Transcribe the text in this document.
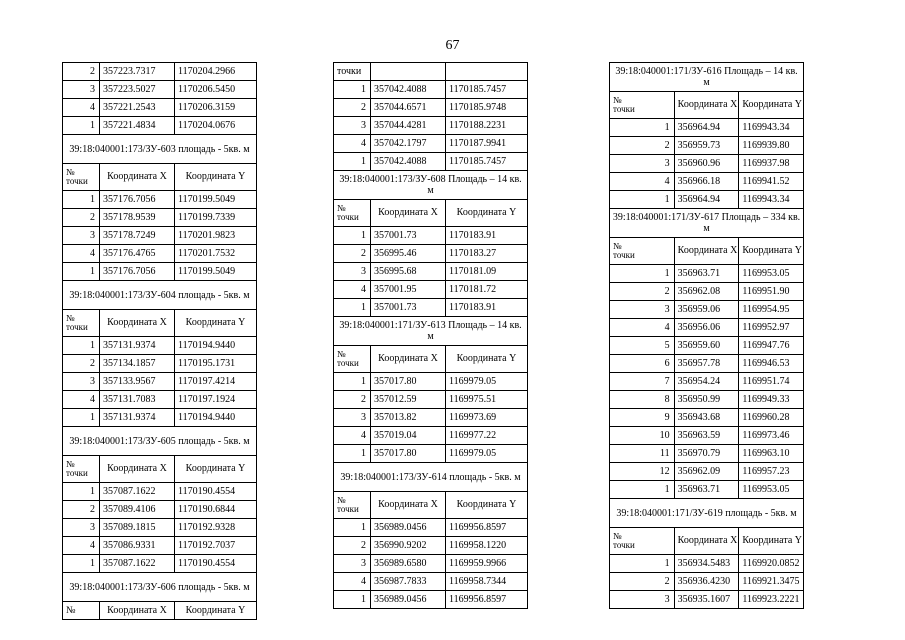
67
2	357223.7317	1170204.2966
3	357223.5027	1170206.5450
4	357221.2543	1170206.3159
1	357221.4834	1170204.0676
39:18:040001:173/ЗУ-603 площадь - 5кв. м		

№
точки	Координата X	Координата Y
1	357176.7056	1170199.5049
2	357178.9539	1170199.7339
3	357178.7249	1170201.9823
4	357176.4765	1170201.7532
1	357176.7056	1170199.5049
39:18:040001:173/ЗУ-604 площадь - 5кв. м		

№
точки	Координата X	Координата Y
1	357131.9374	1170194.9440
2	357134.1857	1170195.1731
3	357133.9567	1170197.4214
4	357131.7083	1170197.1924
1	357131.9374	1170194.9440
39:18:040001:173/ЗУ-605 площадь - 5кв. м		

№
точки	Координата X	Координата Y
1	357087.1622	1170190.4554
2	357089.4106	1170190.6844
3	357089.1815	1170192.9328
4	357086.9331	1170192.7037
1	357087.1622	1170190.4554
39:18:040001:173/ЗУ-606 площадь - 5кв. м		
№	Координата X	Координата Y
точки		
1	357042.4088	1170185.7457
2	357044.6571	1170185.9748
3	357044.4281	1170188.2231
4	357042.1797	1170187.9941
1	357042.4088	1170185.7457
39:18:040001:173/ЗУ-608 Площадь – 14 кв. м		

№
точки	Координата X	Координата Y
1	357001.73	1170183.91
2	356995.46	1170183.27
3	356995.68	1170181.09
4	357001.95	1170181.72
1	357001.73	1170183.91
39:18:040001:171/ЗУ-613 Площадь – 14 кв. м		

№
точки	Координата X	Координата Y
1	357017.80	1169979.05
2	357012.59	1169975.51
3	357013.82	1169973.69
4	357019.04	1169977.22
1	357017.80	1169979.05
39:18:040001:173/ЗУ-614 площадь - 5кв. м		

№
точки	Координата X	Координата Y
1	356989.0456	1169956.8597
2	356990.9202	1169958.1220
3	356989.6580	1169959.9966
4	356987.7833	1169958.7344
1	356989.0456	1169956.8597
39:18:040001:171/ЗУ-616 Площадь – 14 кв. м		

№
точки	Координата X	Координата Y
1	356964.94	1169943.34
2	356959.73	1169939.80
3	356960.96	1169937.98
4	356966.18	1169941.52
1	356964.94	1169943.34
39:18:040001:171/ЗУ-617 Площадь – 334 кв. м		

№
точки	Координата X	Координата Y
1	356963.71	1169953.05
2	356962.08	1169951.90
3	356959.06	1169954.95
4	356956.06	1169952.97
5	356959.60	1169947.76
6	356957.78	1169946.53
7	356954.24	1169951.74
8	356950.99	1169949.33
9	356943.68	1169960.28
10	356963.59	1169973.46
11	356970.79	1169963.10
12	356962.09	1169957.23
1	356963.71	1169953.05
39:18:040001:171/ЗУ-619 площадь - 5кв. м		

№
точки	Координата X	Координата Y
1	356934.5483	1169920.0852
2	356936.4230	1169921.3475
3	356935.1607	1169923.2221
